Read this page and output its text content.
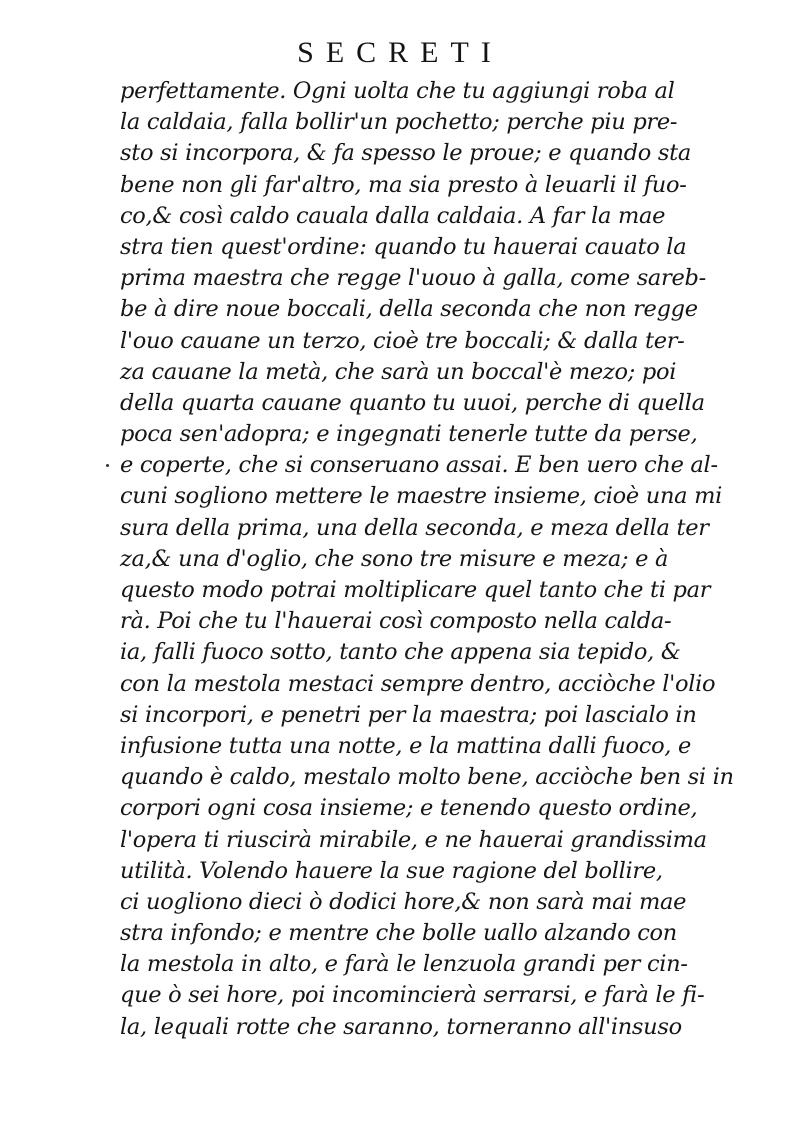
SECRETI
perfettamente. Ogni uolta che tu aggiungi roba al
la caldaia, falla bollir'un pochetto; perche piu pre-
sto si incorpora, & fa spesso le proue; e quando sta
bene non gli far'altro, ma sia presto à leuarli il fuo-
co,& così caldo cauala dalla caldaia. A far la mae
stra tien quest'ordine: quando tu hauerai cauato la
prima maestra che regge l'uouo à galla, come sareb-
be à dire noue boccali, della seconda che non regge
l'ouo cauane un terzo, cioè tre boccali; & dalla ter-
za cauane la metà, che sarà un boccal'è mezo; poi
della quarta cauane quanto tu uuoi, perche di quella
poca sen'adopra; e ingegnati tenerle tutte da perse,
e coperte, che si conseruano assai. E ben uero che al-
cuni sogliono mettere le maestre insieme, cioè una mi
sura della prima, una della seconda, e meza della ter
za,& una d'oglio, che sono tre misure e meza; e à
questo modo potrai moltiplicare quel tanto che ti par
rà. Poi che tu l'hauerai così composto nella calda-
ia, falli fuoco sotto, tanto che appena sia tepido, &
con la mestola mestaci sempre dentro, acciòche l'olio
si incorpori, e penetri per la maestra; poi lascialo in
infusione tutta una notte, e la mattina dalli fuoco, e
quando è caldo, mestalo molto bene, acciòche ben si in
corpori ogni cosa insieme; e tenendo questo ordine,
l'opera ti riuscirà mirabile, e ne hauerai grandissima
utilità. Volendo hauere la sue ragione del bollire,
ci uogliono dieci ò dodici hore,& non sarà mai mae
stra infondo; e mentre che bolle uallo alzando con
la mestola in alto, e farà le lenzuola grandi per cin-
que ò sei hore, poi incomincierà serrarsi, e farà le fi-
la, lequali rotte che saranno, torneranno all'insuso
